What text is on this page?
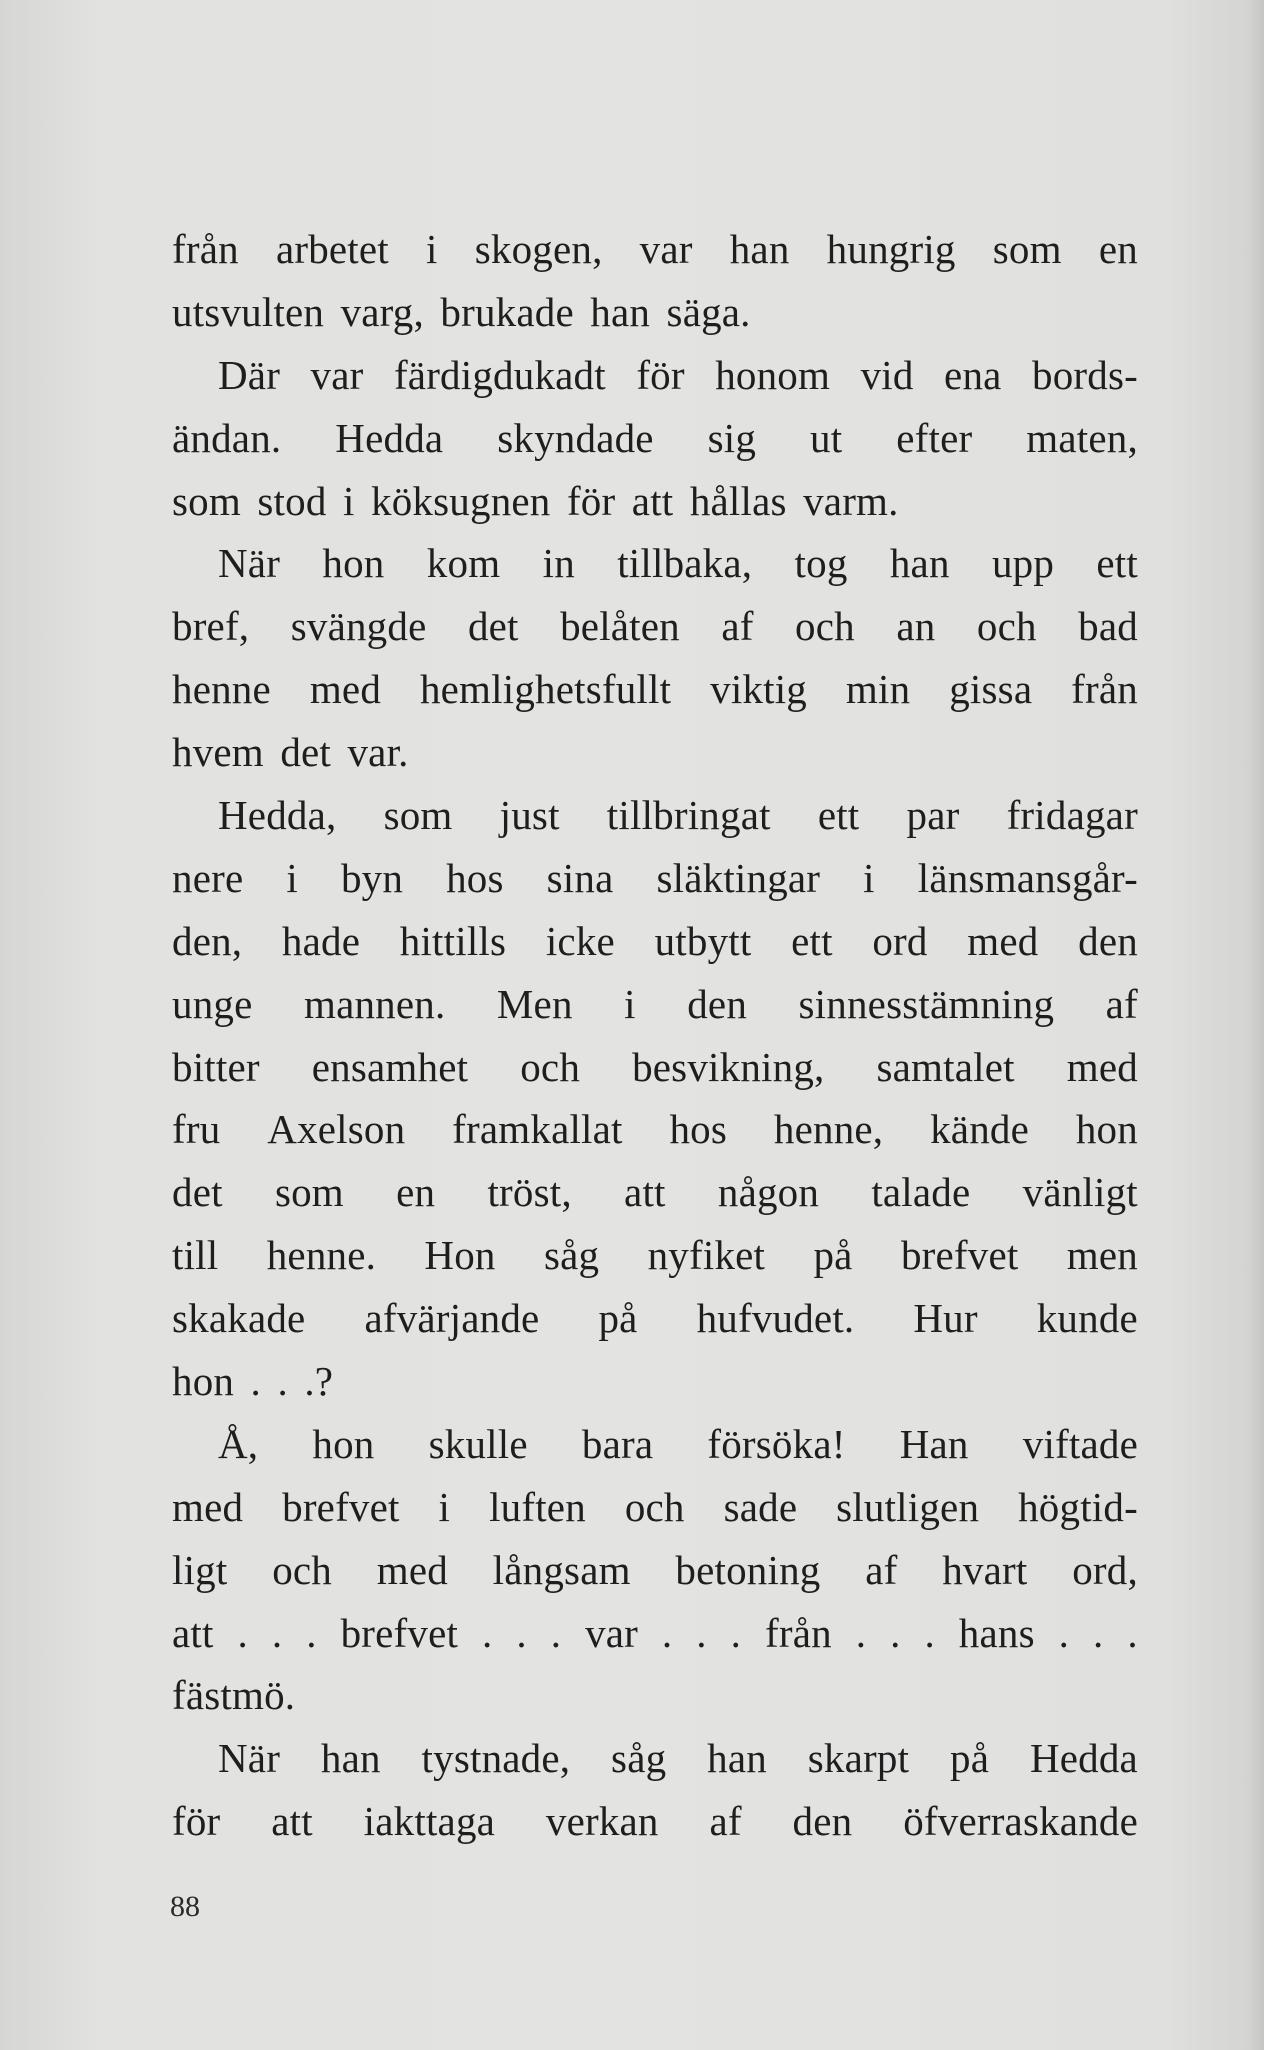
från arbetet i skogen, var han hungrig som en
utsvulten varg, brukade han säga.
Där var färdigdukadt för honom vid ena bords-
ändan. Hedda skyndade sig ut efter maten,
som stod i köksugnen för att hållas varm.
När hon kom in tillbaka, tog han upp ett
bref, svängde det belåten af och an och bad
henne med hemlighetsfullt viktig min gissa från
hvem det var.
Hedda, som just tillbringat ett par fridagar
nere i byn hos sina släktingar i länsmansgår-
den, hade hittills icke utbytt ett ord med den
unge mannen. Men i den sinnesstämning af
bitter ensamhet och besvikning, samtalet med
fru Axelson framkallat hos henne, kände hon
det som en tröst, att någon talade vänligt
till henne. Hon såg nyfiket på brefvet men
skakade afvärjande på hufvudet. Hur kunde
hon . . .?
Å, hon skulle bara försöka! Han viftade
med brefvet i luften och sade slutligen högtid-
ligt och med långsam betoning af hvart ord,
att . . . brefvet . . . var . . . från . . . hans . . .
fästmö.
När han tystnade, såg han skarpt på Hedda
för att iakttaga verkan af den öfverraskande
88
